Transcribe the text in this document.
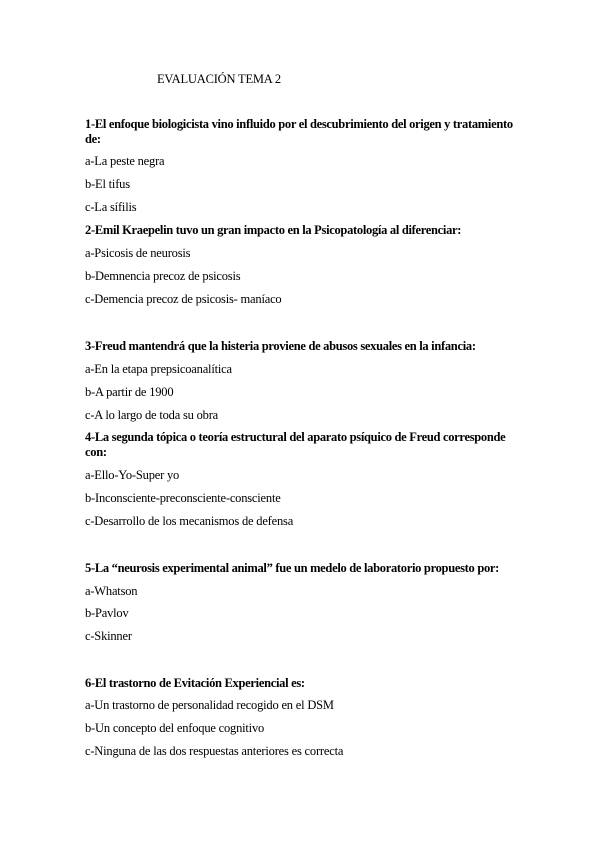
EVALUACIÓN TEMA 2
1-El enfoque biologicista vino influido por el descubrimiento del origen y tratamiento de:
a-La peste negra
b-El tifus
c-La sífilis
2-Emil Kraepelin tuvo un gran impacto en la Psicopatología al diferenciar:
a-Psicosis de neurosis
b-Demnencia precoz de psicosis
c-Demencia precoz de psicosis- maníaco
3-Freud mantendrá que la histeria proviene de abusos sexuales en la infancia:
a-En la etapa prepsicoanalítica
b-A partir de 1900
c-A lo largo de toda su obra
4-La segunda tópica o teoría estructural del aparato psíquico de Freud corresponde con:
a-Ello-Yo-Super yo
b-Inconsciente-preconsciente-consciente
c-Desarrollo de los mecanismos de defensa
5-La “neurosis experimental animal” fue un medelo de laboratorio propuesto por:
a-Whatson
b-Pavlov
c-Skinner
6-El trastorno de Evitación Experiencial es:
a-Un trastorno de personalidad recogido en el DSM
b-Un concepto del enfoque cognitivo
c-Ninguna de las dos respuestas anteriores es correcta
